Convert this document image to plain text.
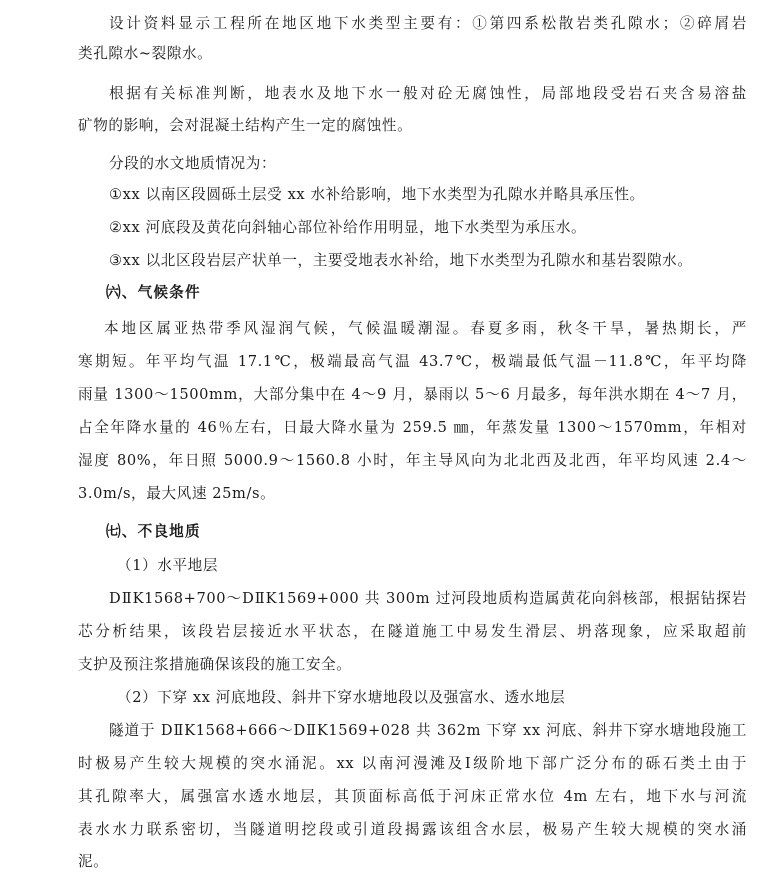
设计资料显示工程所在地区地下水类型主要有：①第四系松散岩类孔隙水；②碎屑岩
类孔隙水~裂隙水。
根据有关标准判断，地表水及地下水一般对砼无腐蚀性，局部地段受岩石夹含易溶盐
矿物的影响，会对混凝土结构产生一定的腐蚀性。
分段的水文地质情况为：
①xx 以南区段圆砾土层受 xx 水补给影响，地下水类型为孔隙水并略具承压性。
②xx 河底段及黄花向斜轴心部位补给作用明显，地下水类型为承压水。
③xx 以北区段岩层产状单一，主要受地表水补给，地下水类型为孔隙水和基岩裂隙水。
㈥、气候条件
本地区属亚热带季风湿润气候，气候温暖潮湿。春夏多雨，秋冬干旱，暑热期长，严
寒期短。年平均气温 17.1℃，极端最高气温 43.7℃，极端最低气温－11.8℃，年平均降
雨量 1300～1500mm，大部分集中在 4～9 月，暴雨以 5～6 月最多，每年洪水期在 4～7 月，
占全年降水量的 46％左右，日最大降水量为 259.5 ㎜，年蒸发量 1300～1570mm，年相对
湿度 80%，年日照 5000.9～1560.8 小时，年主导风向为北北西及北西，年平均风速 2.4～
3.0m/s，最大风速 25m/s。
㈦、不良地质
（1）水平地层
DⅡK1568+700～DⅡK1569+000 共 300m 过河段地质构造属黄花向斜核部，根据钻探岩
芯分析结果，该段岩层接近水平状态，在隧道施工中易发生滑层、坍落现象，应采取超前
支护及预注浆措施确保该段的施工安全。
（2）下穿 xx 河底地段、斜井下穿水塘地段以及强富水、透水地层
隧道于 DⅡK1568+666～DⅡK1569+028 共 362m 下穿 xx 河底、斜井下穿水塘地段施工
时极易产生较大规模的突水涌泥。xx 以南河漫滩及Ⅰ级阶地下部广泛分布的砾石类土由于
其孔隙率大，属强富水透水地层，其顶面标高低于河床正常水位 4m 左右，地下水与河流
表水水力联系密切，当隧道明挖段或引道段揭露该组含水层，极易产生较大规模的突水涌
泥。
